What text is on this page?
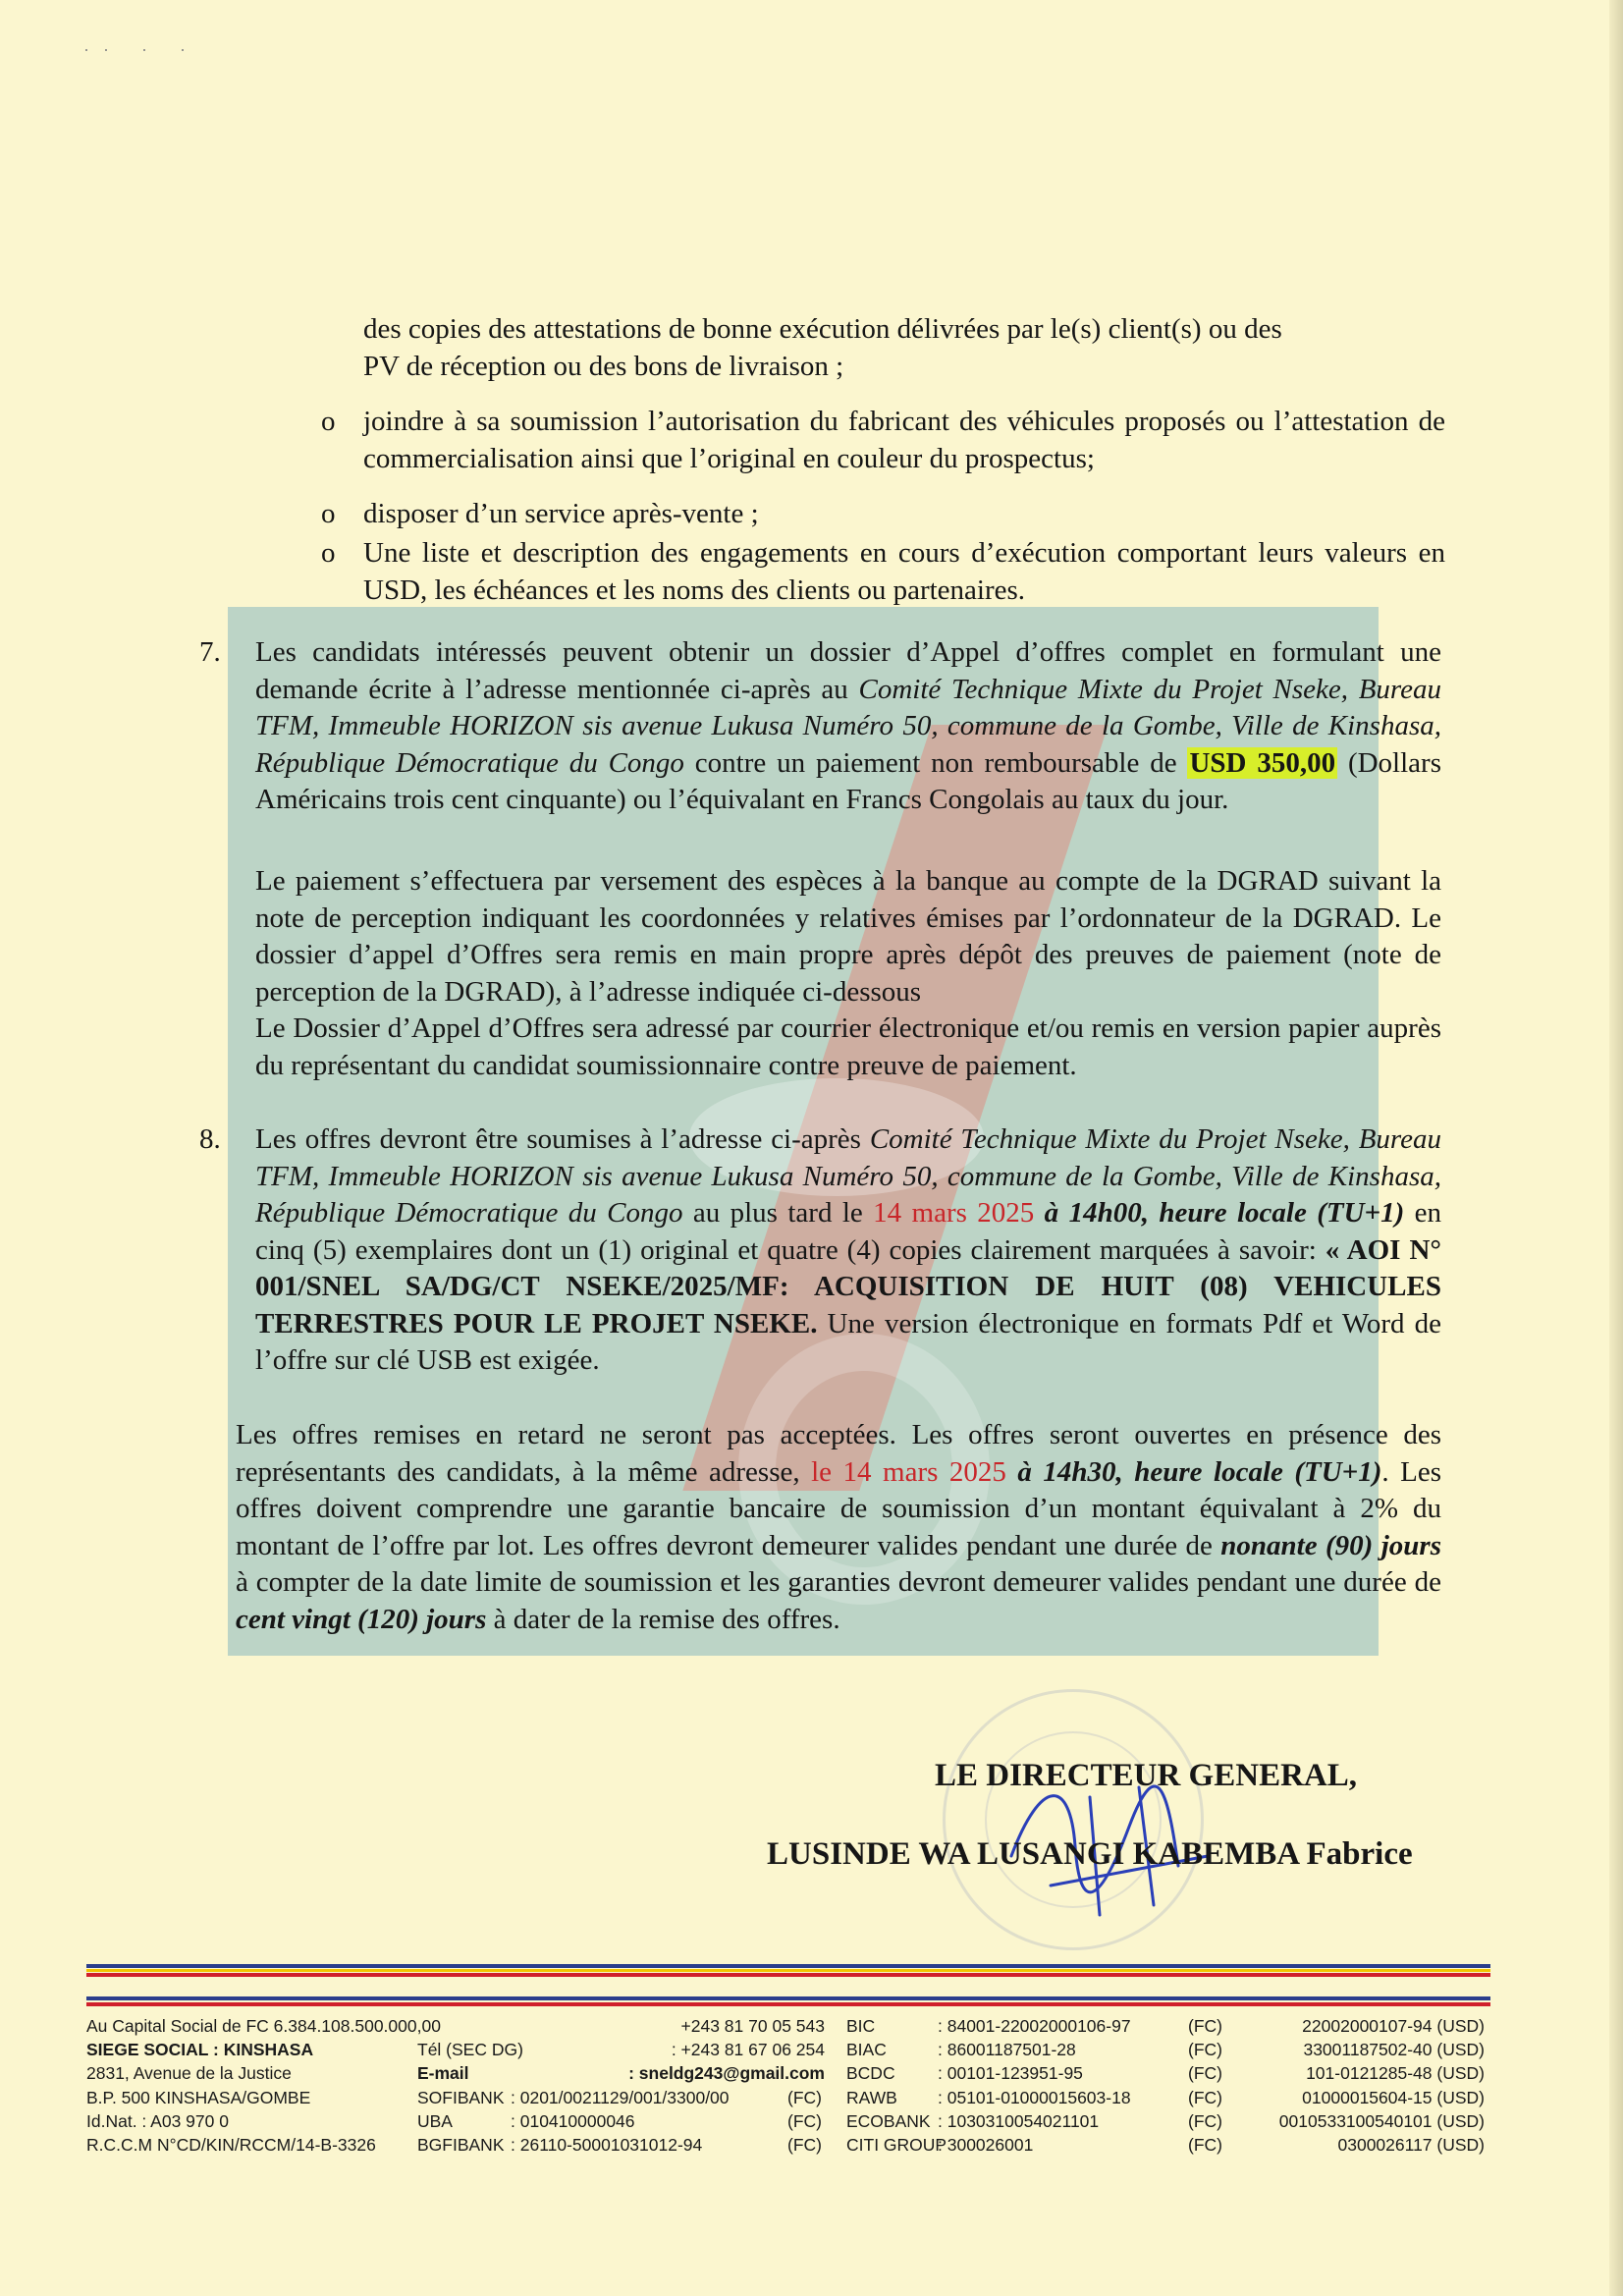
·· · ·
des copies des attestations de bonne exécution délivrées par le(s) client(s) ou des
PV de réception ou des bons de livraison ;
o joindre à sa soumission l’autorisation du fabricant des véhicules proposés ou l’attestation de commercialisation ainsi que l’original en couleur du prospectus;
o disposer d’un service après-vente ;
o Une liste et description des engagements en cours d’exécution comportant leurs valeurs en USD, les échéances et les noms des clients ou partenaires.
7. Les candidats intéressés peuvent obtenir un dossier d’Appel d’offres complet en formulant une demande écrite à l’adresse mentionnée ci-après au Comité Technique Mixte du Projet Nseke, Bureau TFM, Immeuble HORIZON sis avenue Lukusa Numéro 50, commune de la Gombe, Ville de Kinshasa, République Démocratique du Congo contre un paiement non remboursable de USD 350,00 (Dollars Américains trois cent cinquante) ou l’équivalant en Francs Congolais au taux du jour.
Le paiement s’effectuera par versement des espèces à la banque au compte de la DGRAD suivant la note de perception indiquant les coordonnées y relatives émises par l’ordonnateur de la DGRAD. Le dossier d’appel d’Offres sera remis en main propre après dépôt des preuves de paiement (note de perception de la DGRAD), à l’adresse indiquée ci-dessous
Le Dossier d’Appel d’Offres sera adressé par courrier électronique et/ou remis en version papier auprès du représentant du candidat soumissionnaire contre preuve de paiement.
8. Les offres devront être soumises à l’adresse ci-après Comité Technique Mixte du Projet Nseke, Bureau TFM, Immeuble HORIZON sis avenue Lukusa Numéro 50, commune de la Gombe, Ville de Kinshasa, République Démocratique du Congo au plus tard le 14 mars 2025 à 14h00, heure locale (TU+1) en cinq (5) exemplaires dont un (1) original et quatre (4) copies clairement marquées à savoir: « AOI N° 001/SNEL SA/DG/CT NSEKE/2025/MF: ACQUISITION DE HUIT (08) VEHICULES TERRESTRES POUR LE PROJET NSEKE. Une version électronique en formats Pdf et Word de l’offre sur clé USB est exigée.
Les offres remises en retard ne seront pas acceptées. Les offres seront ouvertes en présence des représentants des candidats, à la même adresse, le 14 mars 2025 à 14h30, heure locale (TU+1). Les offres doivent comprendre une garantie bancaire de soumission d’un montant équivalant à 2% du montant de l’offre par lot. Les offres devront demeurer valides pendant une durée de nonante (90) jours à compter de la date limite de soumission et les garanties devront demeurer valides pendant une durée de cent vingt (120) jours à dater de la remise des offres.
LE DIRECTEUR GENERAL,
LUSINDE WA LUSANGI KABEMBA Fabrice
Au Capital Social de FC 6.384.108.500.000,00
SIEGE SOCIAL : KINSHASA
2831, Avenue de la Justice
B.P. 500 KINSHASA/GOMBE
Id.Nat. : A03 970 0
R.C.C.M N°CD/KIN/RCCM/14-B-3326
Tél (SEC DG)
E-mail
SOFIBANK
UBA
BGFIBANK
+243 81 70 05 543
: +243 81 67 06 254
: sneldg243@gmail.com
: 0201/0021129/001/3300/00
: 010410000046
: 26110-50001031012-94
(FC)
(FC)
(FC)
BIC
BIAC
BCDC
RAWB
ECOBANK
CITI GROUP
: 84001-22002000106-97
: 86001187501-28
: 00101-123951-95
: 05101-01000015603-18
: 1030310054021101
: 300026001
(FC)
(FC)
(FC)
(FC)
(FC)
(FC)
22002000107-94 (USD)
33001187502-40 (USD)
101-0121285-48 (USD)
01000015604-15 (USD)
0010533100540101 (USD)
0300026117 (USD)
